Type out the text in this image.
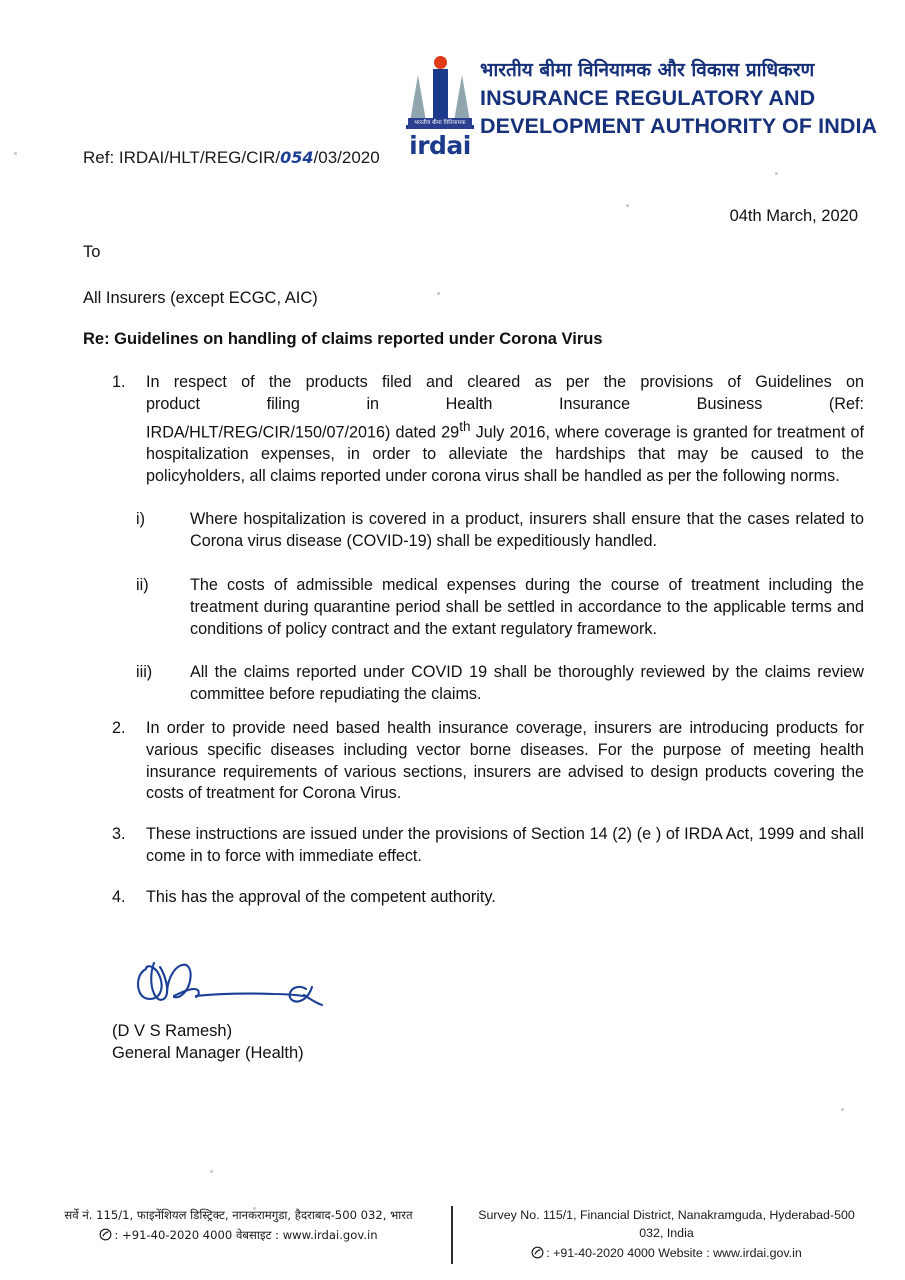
भारतीय बीमा विनियामक
irdai
भारतीय बीमा विनियामक और विकास प्राधिकरण
INSURANCE REGULATORY AND
DEVELOPMENT AUTHORITY OF INDIA
Ref: IRDAI/HLT/REG/CIR/054/03/2020
04th March, 2020
To
All Insurers (except ECGC, AIC)
Re: Guidelines on handling of claims reported under Corona Virus
1.	In respect of the products filed and cleared as per the provisions of Guidelines on
product filing in Health Insurance Business (Ref:
IRDA/HLT/REG/CIR/150/07/2016) dated 29th July 2016, where coverage is granted for treatment of hospitalization expenses, in order to alleviate the hardships that may be caused to the policyholders, all claims reported under corona virus shall be handled as per the following norms.
i)	Where hospitalization is covered in a product, insurers shall ensure that the cases related to Corona virus disease (COVID-19) shall be expeditiously handled.
ii)	The costs of admissible medical expenses during the course of treatment including the treatment during quarantine period shall be settled in accordance to the applicable terms and conditions of policy contract and the extant regulatory framework.
iii)	All the claims reported under COVID 19 shall be thoroughly reviewed by the claims review committee before repudiating the claims.
2.	In order to provide need based health insurance coverage, insurers are introducing products for various specific diseases including vector borne diseases. For the purpose of meeting health insurance requirements of various sections, insurers are advised to design products covering the costs of treatment for Corona Virus.
3.	These instructions are issued under the provisions of Section 14 (2) (e ) of IRDA Act, 1999 and shall come in to force with immediate effect.
4.	This has the approval of the competent authority.
(D V S Ramesh)
General Manager (Health)
सर्वे नं. 115/1, फाइनेंशियल डिस्ट्रिक्ट, नानकरामगुडा, हैदराबाद-500 032, भारत
: +91-40-2020 4000 वेबसाइट : www.irdai.gov.in
Survey No. 115/1, Financial District, Nanakramguda, Hyderabad-500 032, India
: +91-40-2020 4000 Website : www.irdai.gov.in
